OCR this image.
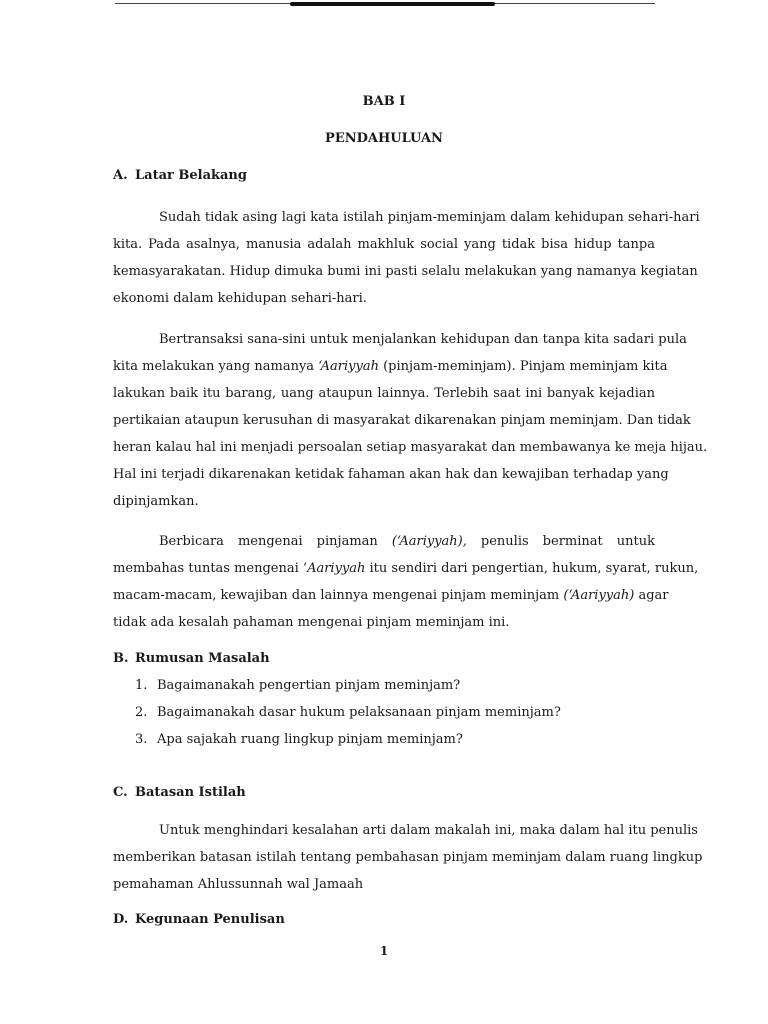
BAB I
PENDAHULUAN
A. Latar Belakang
Sudah tidak asing lagi kata istilah pinjam-meminjam dalam kehidupan sehari-hari
kita. Pada asalnya, manusia adalah makhluk social yang tidak bisa hidup tanpa
kemasyarakatan. Hidup dimuka bumi ini pasti selalu melakukan yang namanya kegiatan
ekonomi dalam kehidupan sehari-hari.
Bertransaksi sana-sini untuk menjalankan kehidupan dan tanpa kita sadari pula
kita melakukan yang namanya ‘Aariyyah (pinjam-meminjam). Pinjam meminjam kita
lakukan baik itu barang, uang ataupun lainnya. Terlebih saat ini banyak kejadian
pertikaian ataupun kerusuhan di masyarakat dikarenakan pinjam meminjam. Dan tidak
heran kalau hal ini menjadi persoalan setiap masyarakat dan membawanya ke meja hijau.
Hal ini terjadi dikarenakan ketidak fahaman akan hak dan kewajiban terhadap yang
dipinjamkan.
Berbicara mengenai pinjaman (‘Aariyyah), penulis berminat untuk
membahas tuntas mengenai ‘Aariyyah itu sendiri dari pengertian, hukum, syarat, rukun,
macam-macam, kewajiban dan lainnya mengenai pinjam meminjam (‘Aariyyah) agar
tidak ada kesalah pahaman mengenai pinjam meminjam ini.
B. Rumusan Masalah
1. Bagaimanakah pengertian pinjam meminjam?
2. Bagaimanakah dasar hukum pelaksanaan pinjam meminjam?
3. Apa sajakah ruang lingkup pinjam meminjam?
C. Batasan Istilah
Untuk menghindari kesalahan arti dalam makalah ini, maka dalam hal itu penulis
memberikan batasan istilah tentang pembahasan pinjam meminjam dalam ruang lingkup
pemahaman Ahlussunnah wal Jamaah
D. Kegunaan Penulisan
1
